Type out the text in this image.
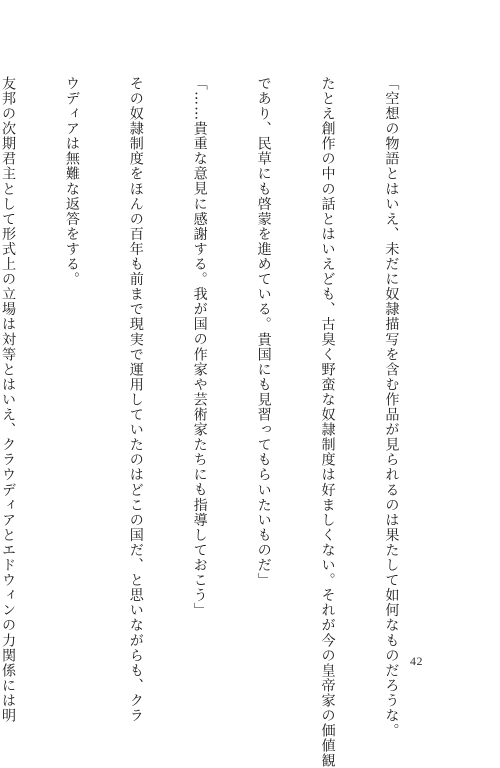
「空想の物語とはいえ、未だに奴隷描写を含む作品が見られるのは果たして如何なものだろうな。

たとえ創作の中の話とはいえども、古臭く野蛮な奴隷制度は好ましくない。それが今の皇帝家の価値観

であり、民草にも啓蒙を進めている。貴国にも見習ってもらいたいものだ」

「……貴重な意見に感謝する。我が国の作家や芸術家たちにも指導しておこう」

その奴隷制度をほんの百年も前まで現実で運用していたのはどこの国だ、と思いながらも、クラ

ウディアは無難な返答をする。

友邦の次期君主として形式上の立場は対等とはいえ、クラウディアとエドウィンの力関係には明

	42
